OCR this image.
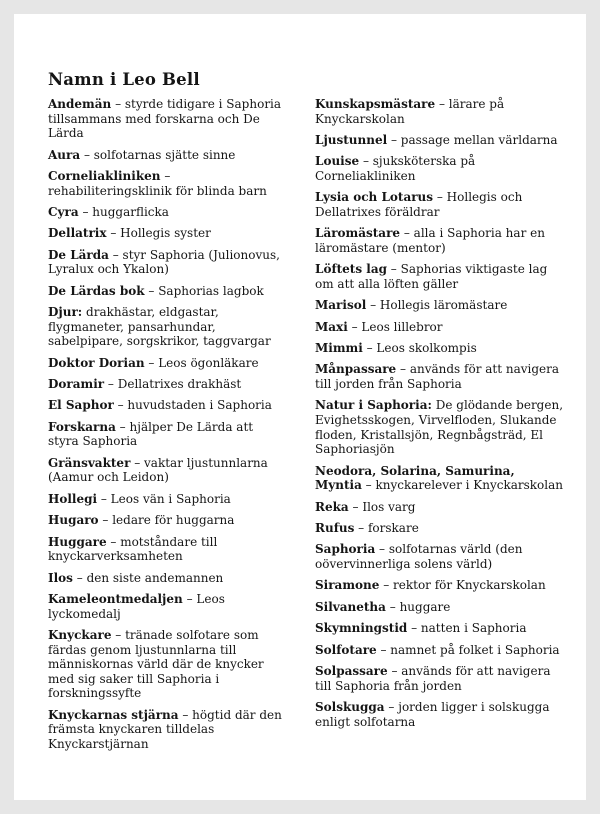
Namn i Leo Bell
Andemän – styrde tidigare i Saphoria tillsammans med forskarna och De Lärda
Aura – solfotarnas sjätte sinne
Corneliakliniken – rehabiliteringsklinik för blinda barn
Cyra – huggarflicka
Dellatrix – Hollegis syster
De Lärda – styr Saphoria (Julionovus, Lyralux och Ykalon)
De Lärdas bok – Saphorias lagbok
Djur: drakhästar, eldgastar, flygmaneter, pansarhundar, sabelpipare, sorgskrikor, taggvargar
Doktor Dorian – Leos ögonläkare
Doramir – Dellatrixes drakhäst
El Saphor – huvudstaden i Saphoria
Forskarna – hjälper De Lärda att styra Saphoria
Gränsvakter – vaktar ljustunnlarna (Aamur och Leidon)
Hollegi – Leos vän i Saphoria
Hugaro – ledare för huggarna
Huggare – motståndare till knyckarverksamheten
Ilos – den siste andemannen
Kameleontmedaljen – Leos lyckomedalj
Knyckare – tränade solfotare som färdas genom ljustunnlarna till människornas värld där de knycker med sig saker till Saphoria i forskningssyfte
Knyckarnas stjärna – högtid där den främsta knyckaren tilldelas Knyckarstjärnan
Kunskapsmästare – lärare på Knyckarskolan
Ljustunnel – passage mellan världarna
Louise – sjuksköterska på Corneliakliniken
Lysia och Lotarus – Hollegis och Dellatrixes föräldrar
Läromästare – alla i Saphoria har en läromästare (mentor)
Löftets lag – Saphorias viktigaste lag om att alla löften gäller
Marisol – Hollegis läromästare
Maxi – Leos lillebror
Mimmi – Leos skolkompis
Månpassare – används för att navigera till jorden från Saphoria
Natur i Saphoria: De glödande bergen, Evighetsskogen, Virvelfloden, Slukande floden, Kristallsjön, Regnbågsträd, El Saphoriasjön
Neodora, Solarina, Samurina, Myntia – knyckarelever i Knyckarskolan
Reka – Ilos varg
Rufus – forskare
Saphoria – solfotarnas värld (den oövervinnerliga solens värld)
Siramone – rektor för Knyckarskolan
Silvanetha – huggare
Skymningstid – natten i Saphoria
Solfotare – namnet på folket i Saphoria
Solpassare – används för att navigera till Saphoria från jorden
Solskugga – jorden ligger i solskugga enligt solfotarna
